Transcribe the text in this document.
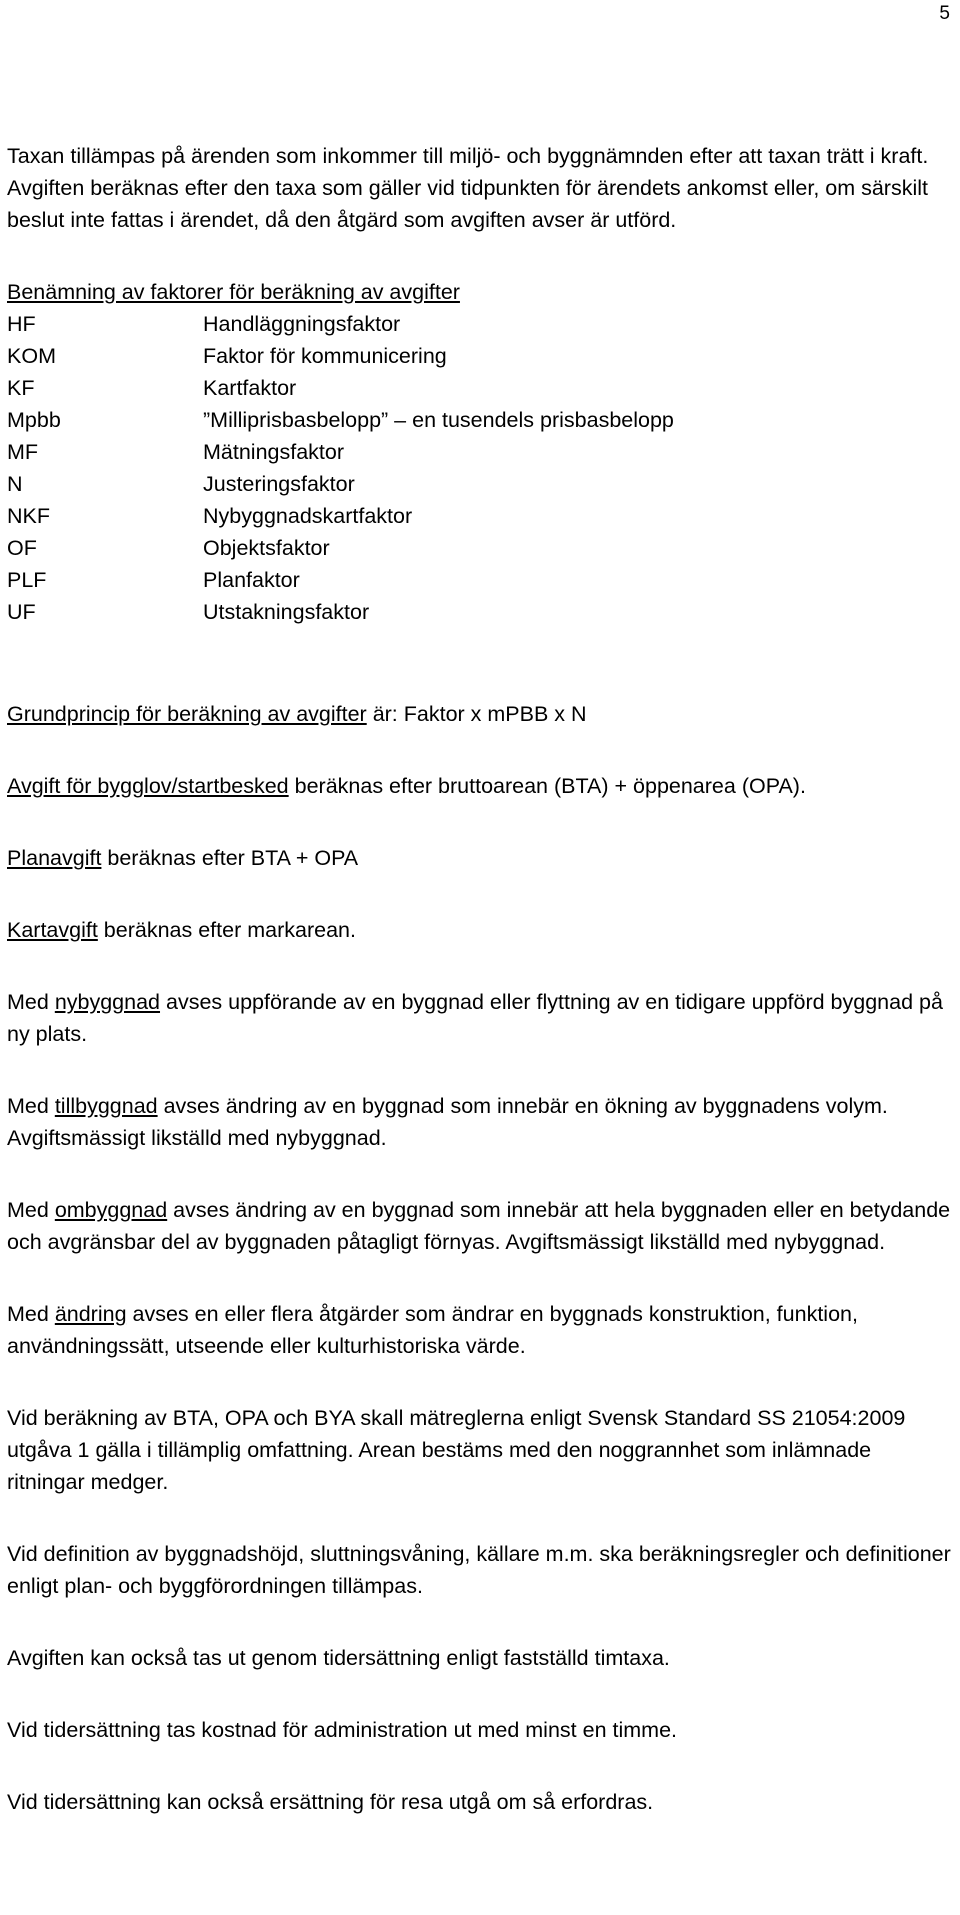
5

Taxan tillämpas på ärenden som inkommer till miljö- och byggnämnden efter att taxan trätt i kraft. Avgiften beräknas efter den taxa som gäller vid tidpunkten för ärendets ankomst eller, om särskilt beslut inte fattas i ärendet, då den åtgärd som avgiften avser är utförd.

Benämning av faktorer för beräkning av avgifter

HF	Handläggningsfaktor
KOM	Faktor för kommunicering
KF	Kartfaktor
Mpbb	”Milliprisbasbelopp” – en tusendels prisbasbelopp
MF	Mätningsfaktor
N	Justeringsfaktor
NKF	Nybyggnadskartfaktor
OF	Objektsfaktor
PLF	Planfaktor
UF	Utstakningsfaktor

Grundprincip för beräkning av avgifter är: Faktor x mPBB x N

Avgift för bygglov/startbesked beräknas efter bruttoarean (BTA) + öppenarea (OPA).

Planavgift beräknas efter BTA + OPA

Kartavgift beräknas efter markarean.

Med nybyggnad avses uppförande av en byggnad eller flyttning av en tidigare uppförd byggnad på ny plats.

Med tillbyggnad avses ändring av en byggnad som innebär en ökning av byggnadens volym. Avgiftsmässigt likställd med nybyggnad.

Med ombyggnad avses ändring av en byggnad som innebär att hela byggnaden eller en betydande och avgränsbar del av byggnaden påtagligt förnyas. Avgiftsmässigt likställd med nybyggnad.

Med ändring avses en eller flera åtgärder som ändrar en byggnads konstruktion, funktion, användningssätt, utseende eller kulturhistoriska värde.

Vid beräkning av BTA, OPA och BYA skall mätreglerna enligt Svensk Standard SS 21054:2009 utgåva 1 gälla i tillämplig omfattning. Arean bestäms med den noggrannhet som inlämnade ritningar medger.

Vid definition av byggnadshöjd, sluttningsvåning, källare m.m. ska beräkningsregler och definitioner enligt plan- och byggförordningen tillämpas.

Avgiften kan också tas ut genom tidersättning enligt fastställd timtaxa.

Vid tidersättning tas kostnad för administration ut med minst en timme.

Vid tidersättning kan också ersättning för resa utgå om så erfordras.
